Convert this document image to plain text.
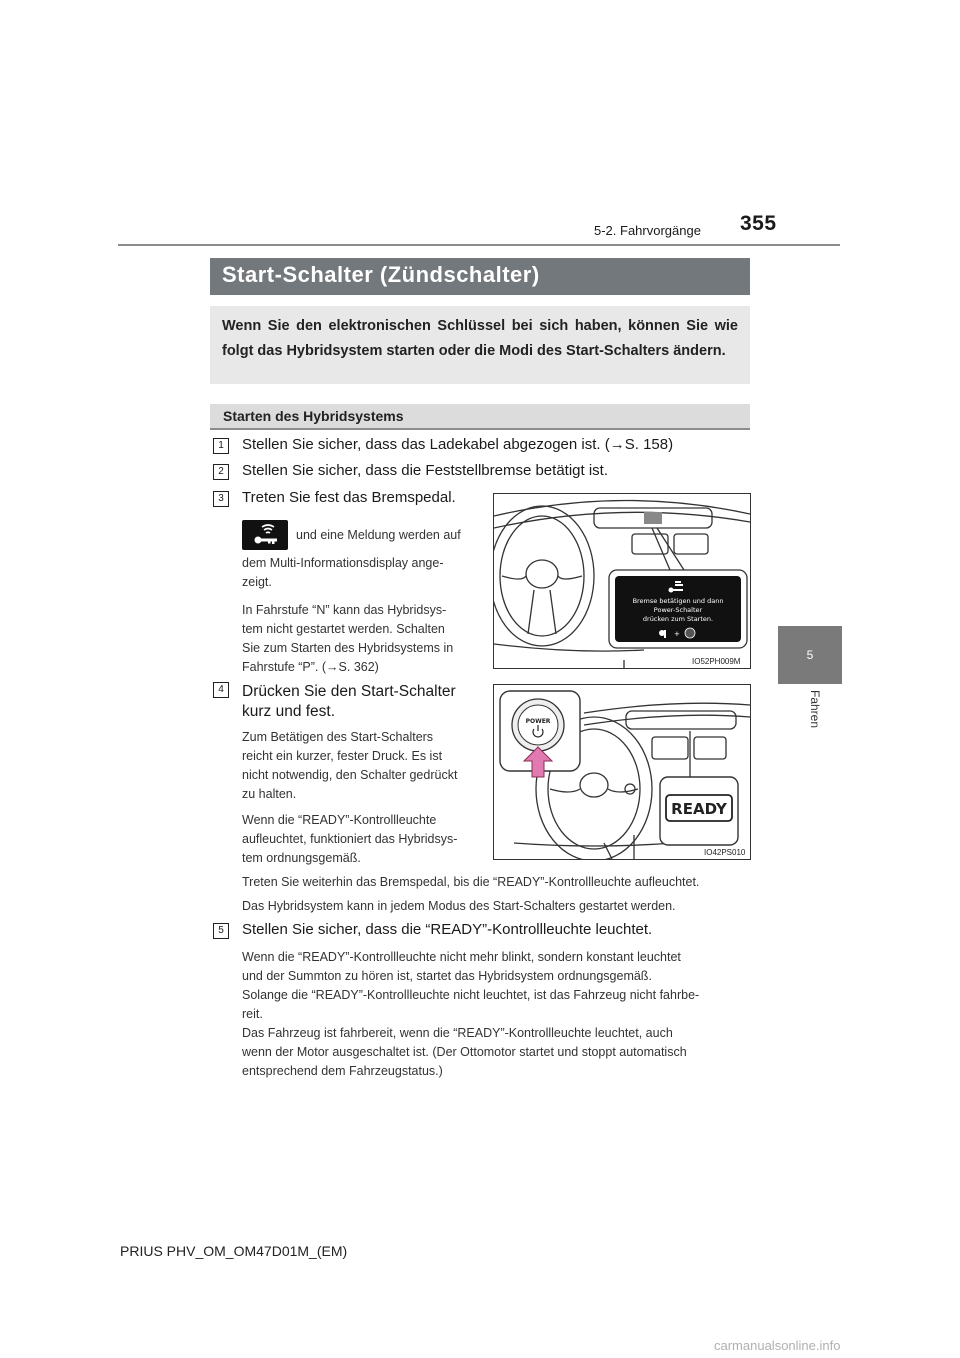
5-2. Fahrvorgänge 355
5
Fahren
Start-Schalter (Zündschalter)
Wenn Sie den elektronischen Schlüssel bei sich haben, können Sie wie folgt das Hybridsystem starten oder die Modi des Start-Schalters ändern.
Starten des Hybridsystems
1	Stellen Sie sicher, dass das Ladekabel abgezogen ist. (→S. 158)
2	Stellen Sie sicher, dass die Feststellbremse betätigt ist.
3	Treten Sie fest das Bremspedal.
und eine Meldung werden auf
dem Multi-Informationsdisplay ange-
zeigt.
In Fahrstufe “N” kann das Hybridsys-
tem nicht gestartet werden. Schalten
Sie zum Starten des Hybridsystems in
Fahrstufe “P”. (→S. 362)
Bremse betätigen und dann
Power-Schalter
drücken zum Starten.
+
IO52PH009M
4	Drücken Sie den Start-Schalter
kurz und fest.
Zum Betätigen des Start-Schalters
reicht ein kurzer, fester Druck. Es ist
nicht notwendig, den Schalter gedrückt
zu halten.
Wenn die “READY”-Kontrollleuchte
aufleuchtet, funktioniert das Hybridsys-
tem ordnungsgemäß.
POWER
READY
IO42PS010
Treten Sie weiterhin das Bremspedal, bis die “READY”-Kontrollleuchte aufleuchtet.
Das Hybridsystem kann in jedem Modus des Start-Schalters gestartet werden.
5	Stellen Sie sicher, dass die “READY”-Kontrollleuchte leuchtet.
Wenn die “READY”-Kontrollleuchte nicht mehr blinkt, sondern konstant leuchtet
und der Summton zu hören ist, startet das Hybridsystem ordnungsgemäß.
Solange die “READY”-Kontrollleuchte nicht leuchtet, ist das Fahrzeug nicht fahrbe-
reit.
Das Fahrzeug ist fahrbereit, wenn die “READY”-Kontrollleuchte leuchtet, auch
wenn der Motor ausgeschaltet ist. (Der Ottomotor startet und stoppt automatisch
entsprechend dem Fahrzeugstatus.)
PRIUS PHV_OM_OM47D01M_(EM)
carmanualsonline.info
